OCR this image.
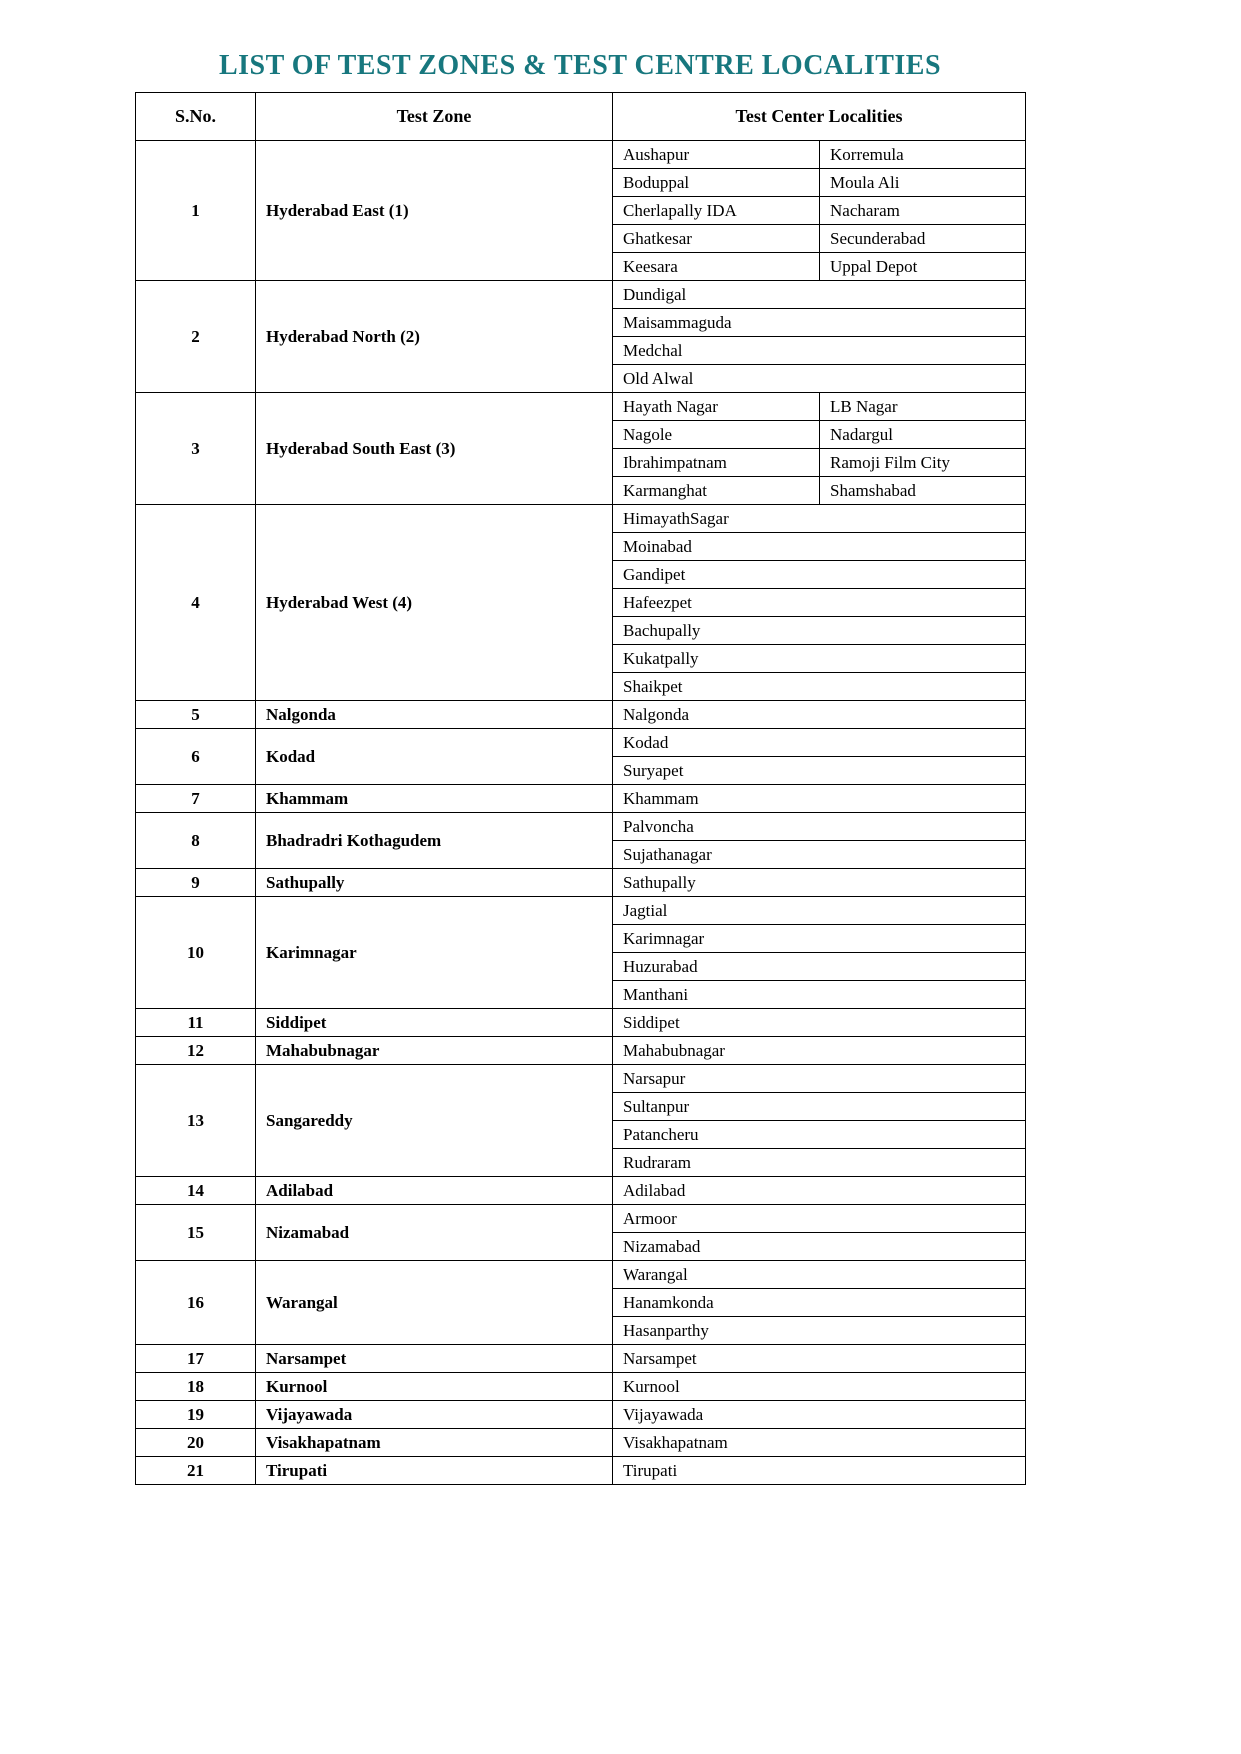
LIST OF TEST ZONES & TEST CENTRE LOCALITIES
S.No.	Test Zone	Test Center Localities	
1	Hyderabad East (1)	Aushapur	Korremula
		Boduppal	Moula Ali
		Cherlapally IDA	Nacharam
		Ghatkesar	Secunderabad
		Keesara	Uppal Depot
2	Hyderabad North (2)	Dundigal	
		Maisammaguda	
		Medchal	
		Old Alwal	
3	Hyderabad South East (3)	Hayath Nagar	LB Nagar
		Nagole	Nadargul
		Ibrahimpatnam	Ramoji Film City
		Karmanghat	Shamshabad
4	Hyderabad West (4)	HimayathSagar	
		Moinabad	
		Gandipet	
		Hafeezpet	
		Bachupally	
		Kukatpally	
		Shaikpet	
5	Nalgonda	Nalgonda	
6	Kodad	Kodad	
		Suryapet	
7	Khammam	Khammam	
8	Bhadradri Kothagudem	Palvoncha	
		Sujathanagar	
9	Sathupally	Sathupally	
10	Karimnagar	Jagtial	
		Karimnagar	
		Huzurabad	
		Manthani	
11	Siddipet	Siddipet	
12	Mahabubnagar	Mahabubnagar	
13	Sangareddy	Narsapur	
		Sultanpur	
		Patancheru	
		Rudraram	
14	Adilabad	Adilabad	
15	Nizamabad	Armoor	
		Nizamabad	
16	Warangal	Warangal	
		Hanamkonda	
		Hasanparthy	
17	Narsampet	Narsampet	
18	Kurnool	Kurnool	
19	Vijayawada	Vijayawada	
20	Visakhapatnam	Visakhapatnam	
21	Tirupati	Tirupati	
